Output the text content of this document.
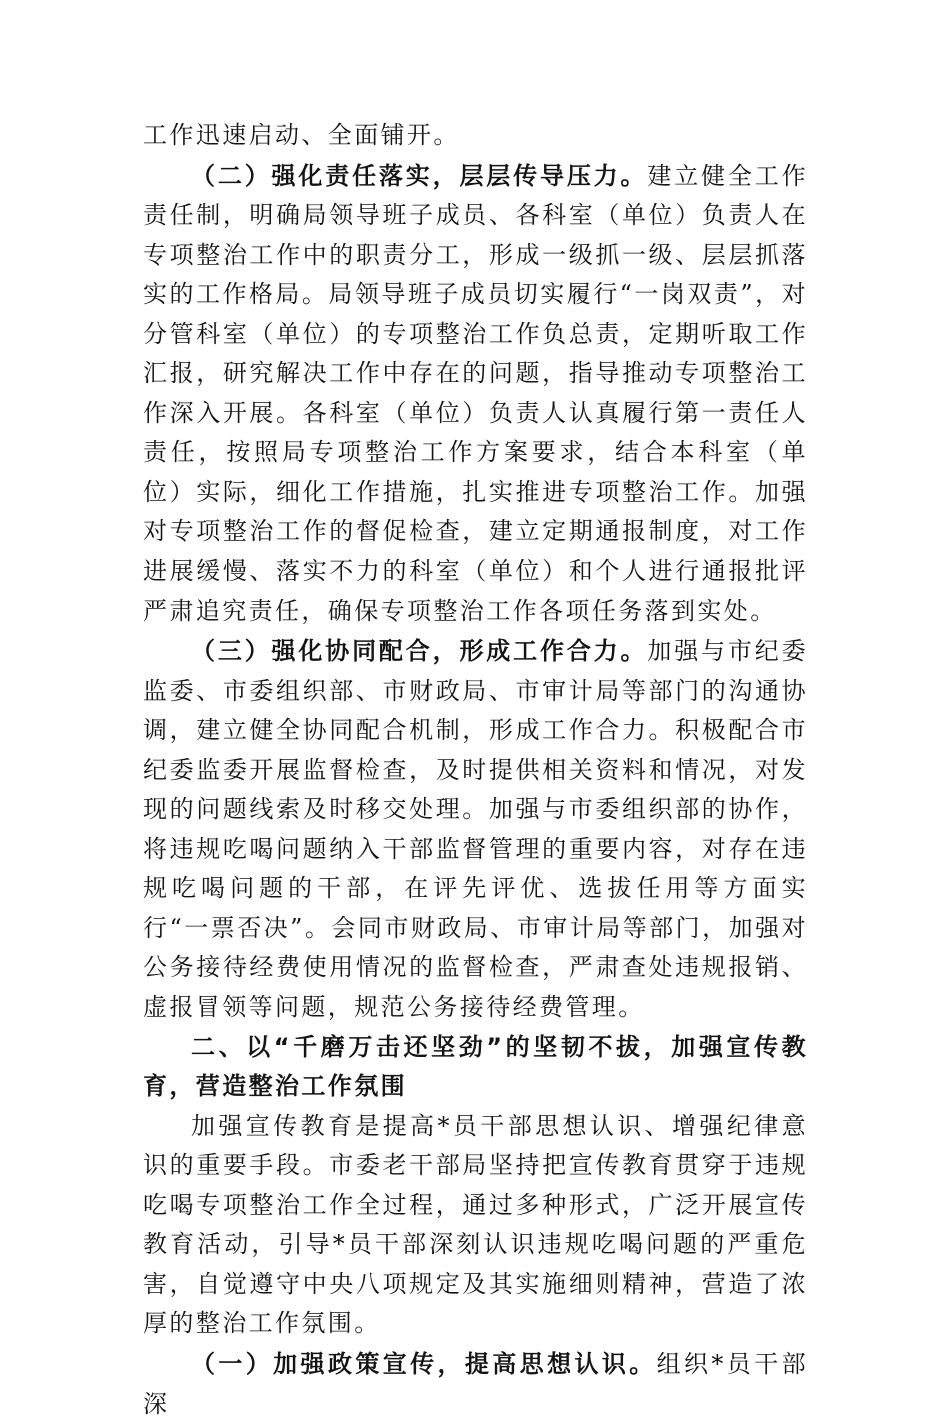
工作迅速启动、全面铺开。

（二）强化责任落实，层层传导压力。建立健全工作责任制，明确局领导班子成员、各科室（单位）负责人在专项整治工作中的职责分工，形成一级抓一级、层层抓落实的工作格局。局领导班子成员切实履行“一岗双责”，对分管科室（单位）的专项整治工作负总责，定期听取工作汇报，研究解决工作中存在的问题，指导推动专项整治工作深入开展。各科室（单位）负责人认真履行第一责任人责任，按照局专项整治工作方案要求，结合本科室（单位）实际，细化工作措施，扎实推进专项整治工作。加强对专项整治工作的督促检查，建立定期通报制度，对工作进展缓慢、落实不力的科室（单位）和个人进行通报批评严肃追究责任，确保专项整治工作各项任务落到实处。

（三）强化协同配合，形成工作合力。加强与市纪委监委、市委组织部、市财政局、市审计局等部门的沟通协调，建立健全协同配合机制，形成工作合力。积极配合市纪委监委开展监督检查，及时提供相关资料和情况，对发现的问题线索及时移交处理。加强与市委组织部的协作，将违规吃喝问题纳入干部监督管理的重要内容，对存在违规吃喝问题的干部，在评先评优、选拔任用等方面实行“一票否决”。会同市财政局、市审计局等部门，加强对公务接待经费使用情况的监督检查，严肃查处违规报销、虚报冒领等问题，规范公务接待经费管理。

二、以“千磨万击还坚劲”的坚韧不拔，加强宣传教育，营造整治工作氛围

加强宣传教育是提高*员干部思想认识、增强纪律意识的重要手段。市委老干部局坚持把宣传教育贯穿于违规吃喝专项整治工作全过程，通过多种形式，广泛开展宣传教育活动，引导*员干部深刻认识违规吃喝问题的严重危害，自觉遵守中央八项规定及其实施细则精神，营造了浓厚的整治工作氛围。

（一）加强政策宣传，提高思想认识。组织*员干部深
